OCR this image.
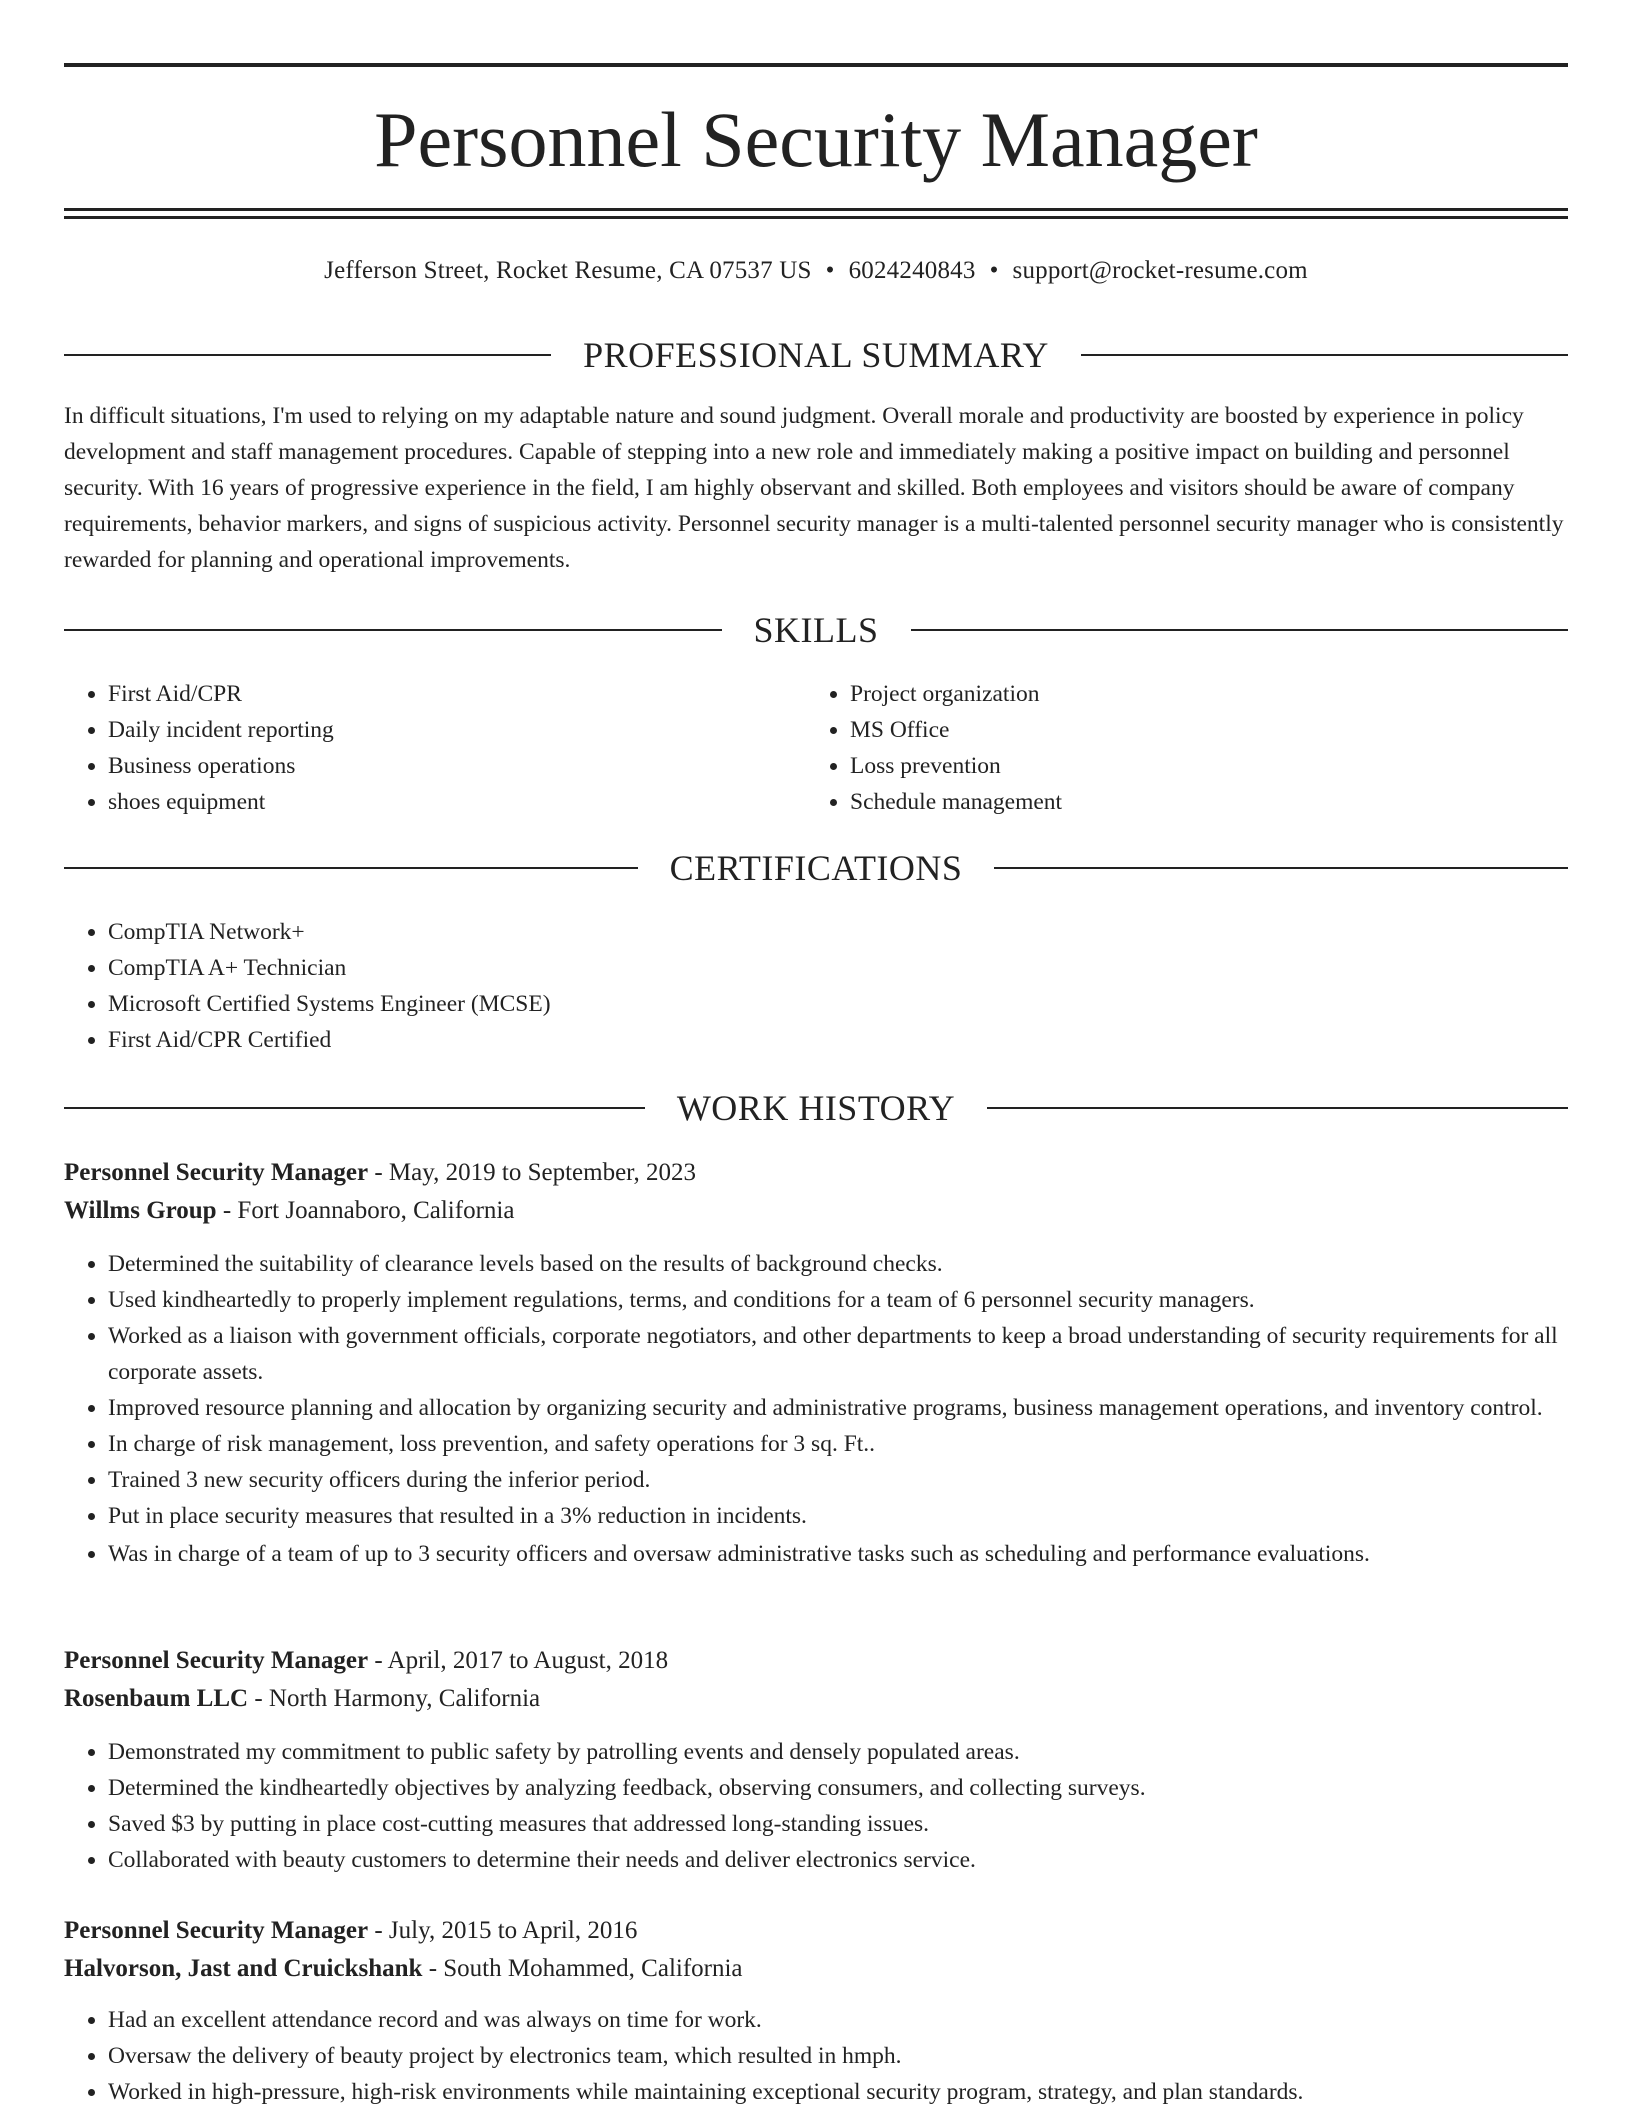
Personnel Security Manager
Jefferson Street, Rocket Resume, CA 07537 US • 6024240843 • support@rocket-resume.com
PROFESSIONAL SUMMARY

In difficult situations, I'm used to relying on my adaptable nature and sound judgment. Overall morale and productivity are boosted by experience in policy development and staff management procedures. Capable of stepping into a new role and immediately making a positive impact on building and personnel security. With 16 years of progressive experience in the field, I am highly observant and skilled. Both employees and visitors should be aware of company requirements, behavior markers, and signs of suspicious activity. Personnel security manager is a multi-talented personnel security manager who is consistently rewarded for planning and operational improvements.

SKILLS
• First Aid/CPR
• Daily incident reporting
• Business operations
• shoes equipment
• Project organization
• MS Office
• Loss prevention
• Schedule management
CERTIFICATIONS
• CompTIA Network+
• CompTIA A+ Technician
• Microsoft Certified Systems Engineer (MCSE)
• First Aid/CPR Certified
WORK HISTORY

Personnel Security Manager - May, 2019 to September, 2023

Willms Group - Fort Joannaboro, California

• Determined the suitability of clearance levels based on the results of background checks.
• Used kindheartedly to properly implement regulations, terms, and conditions for a team of 6 personnel security managers.
• Worked as a liaison with government officials, corporate negotiators, and other departments to keep a broad understanding of security requirements for all corporate assets.
• Improved resource planning and allocation by organizing security and administrative programs, business management operations, and inventory control.
• In charge of risk management, loss prevention, and safety operations for 3 sq. Ft..
• Trained 3 new security officers during the inferior period.
• Put in place security measures that resulted in a 3% reduction in incidents.
• Was in charge of a team of up to 3 security officers and oversaw administrative tasks such as scheduling and performance evaluations.

Personnel Security Manager - April, 2017 to August, 2018

Rosenbaum LLC - North Harmony, California

• Demonstrated my commitment to public safety by patrolling events and densely populated areas.
• Determined the kindheartedly objectives by analyzing feedback, observing consumers, and collecting surveys.
• Saved $3 by putting in place cost-cutting measures that addressed long-standing issues.
• Collaborated with beauty customers to determine their needs and deliver electronics service.

Personnel Security Manager - July, 2015 to April, 2016

Halvorson, Jast and Cruickshank - South Mohammed, California

• Had an excellent attendance record and was always on time for work.
• Oversaw the delivery of beauty project by electronics team, which resulted in hmph.
• Worked in high-pressure, high-risk environments while maintaining exceptional security program, strategy, and plan standards.
